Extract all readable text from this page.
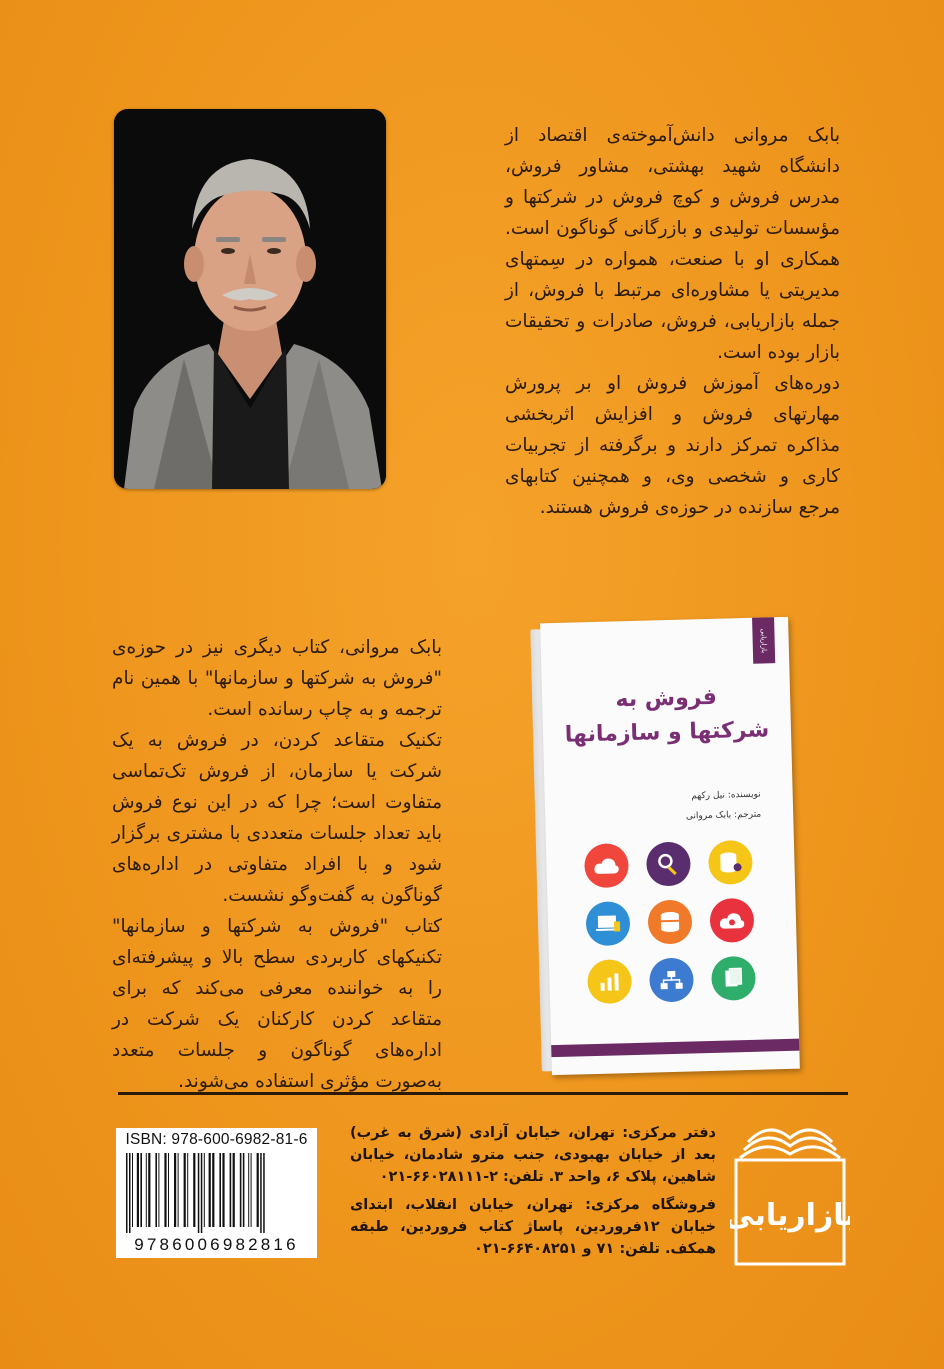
بابک مروانی دانش‌آموخته‌ی اقتصاد از دانشگاه شهید بهشتی، مشاور فروش، مدرس فروش و کوچ فروش در شرکتها و مؤسسات تولیدی و بازرگانی گوناگون است. همکاری او با صنعت، همواره در سِمتهای مدیریتی یا مشاوره‌ای مرتبط با فروش، از جمله بازاریابی، فروش، صادرات و تحقیقات بازار بوده است.

دوره‌های آموزش فروش او بر پرورش مهارتهای فروش و افزایش اثربخشی مذاکره تمرکز دارند و برگرفته از تجربیات کاری و شخصی وی، و همچنین کتابهای مرجع سازنده در حوزه‌ی فروش هستند.

بازاریابی
فروش به
شرکتها و سازمانها
نویسنده: نیل رکهم
مترجم: بابک مروانی

بابک مروانی، کتاب دیگری نیز در حوزه‌ی "فروش به شرکتها و سازمانها" با همین نام ترجمه و به چاپ رسانده است.

تکنیک متقاعد کردن، در فروش به یک شرکت یا سازمان، از فروش تک‌تماسی متفاوت است؛ چرا که در این نوع فروش باید تعداد جلسات متعددی با مشتری برگزار شود و با افراد متفاوتی در اداره‌های گوناگون به گفت‌وگو نشست.

کتاب "فروش به شرکتها و سازمانها" تکنیکهای کاربردی سطح بالا و پیشرفته‌ای را به خواننده معرفی می‌کند که برای متقاعد کردن کارکنان یک شرکت در اداره‌های گوناگون و جلسات متعدد به‌صورت مؤثری استفاده می‌شوند.

ISBN: 978-600-6982-81-6
9786006982816

دفتر مرکزی: تهران، خیابان آزادی (شرق به غرب) بعد از خیابان بهبودی، جنب مترو شادمان، خیابان شاهین، پلاک ۶، واحد ۳. تلفن: ۲-۶۶۰۲۸۱۱۱-۰۲۱

فروشگاه مرکزی: تهران، خیابان انقلاب، ابتدای خیابان ۱۲فروردین، پاساژ کتاب فروردین، طبقه همکف. تلفن: ۷۱ و ۶۶۴۰۸۲۵۱-۰۲۱

بازاریابی
